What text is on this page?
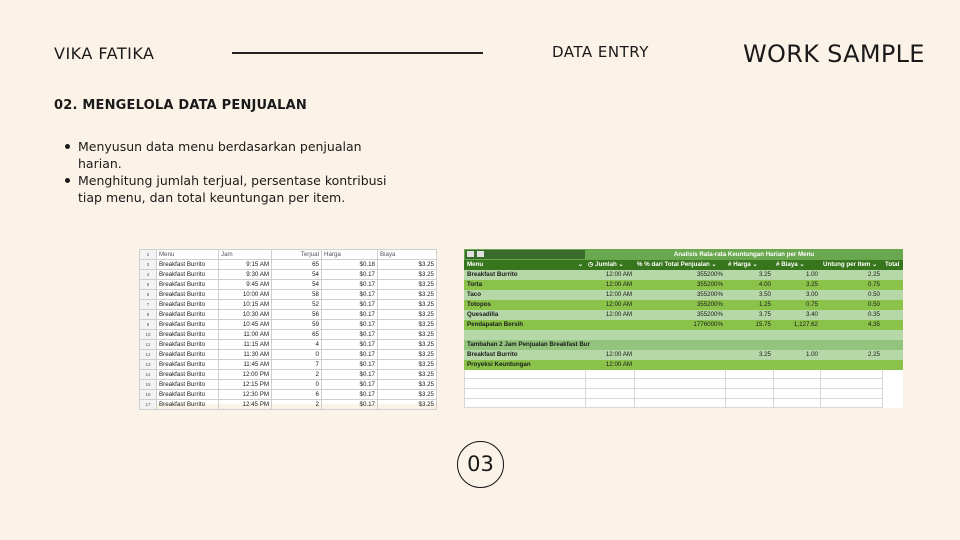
VIKA FATIKA	DATA ENTRY	WORK SAMPLE
02. MENGELOLA DATA PENJUALAN
Menyusun data menu berdasarkan penjualan harian.
Menghitung jumlah terjual, persentase kontribusi tiap menu, dan total keuntungan per item.
2	Menu	Jam	Terjual	Harga	Biaya
3	Breakfast Burrito	9:15 AM	65	$0.18	$3.25
4	Breakfast Burrito	9:30 AM	54	$0.17	$3.25
5	Breakfast Burrito	9:45 AM	54	$0.17	$3.25
6	Breakfast Burrito	10:00 AM	58	$0.17	$3.25
7	Breakfast Burrito	10:15 AM	52	$0.17	$3.25
8	Breakfast Burrito	10:30 AM	56	$0.17	$3.25
9	Breakfast Burrito	10:45 AM	59	$0.17	$3.25
10	Breakfast Burrito	11:00 AM	65	$0.17	$3.25
11	Breakfast Burrito	11:15 AM	4	$0.17	$3.25
12	Breakfast Burrito	11:30 AM	0	$0.17	$3.25
13	Breakfast Burrito	11:45 AM	7	$0.17	$3.25
14	Breakfast Burrito	12:00 PM	2	$0.17	$3.25
15	Breakfast Burrito	12:15 PM	0	$0.17	$3.25
16	Breakfast Burrito	12:30 PM	6	$0.17	$3.25
17	Breakfast Burrito	12:45 PM	2	$0.17	$3.25
	Analisis Rata-rata Keuntungan Harian per Menu					
Menu ⌄	◷ Jumlah ⌄	% % dari Total Penjualan ⌄	# Harga ⌄	# Biaya ⌄	Untung per Item ⌄	Total
Breakfast Burrito	12:00 AM	355200%	3.25	1.00	2.25	
Torta	12:00 AM	355200%	4.00	3.25	0.75	
Taco	12:00 AM	355200%	3.50	3.00	0.50	
Totopos	12:00 AM	355200%	1.25	0.75	0.50	
Quesadilla	12:00 AM	355200%	3.75	3.40	0.35	
Pendapatan Bersih		1776000%	15.75	1,127.62	4.35	

Tambahan 2 Jam Penjualan Breakfast Bur						
Breakfast Burrito	12:00 AM		3.25	1.00	2.25	
Proyeksi Keuntungan	12:00 AM					

03
